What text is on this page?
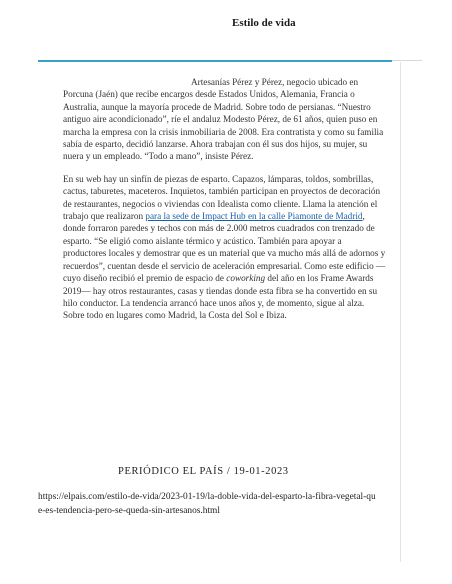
Estilo de vida

Artesanías Pérez y Pérez, negocio ubicado en Porcuna (Jaén) que recibe encargos desde Estados Unidos, Alemania, Francia o Australia, aunque la mayoría procede de Madrid. Sobre todo de persianas. “Nuestro antiguo aire acondicionado”, ríe el andaluz Modesto Pérez, de 61 años, quien puso en marcha la empresa con la crisis inmobiliaria de 2008. Era contratista y como su familia sabía de esparto, decidió lanzarse. Ahora trabajan con él sus dos hijos, su mujer, su nuera y un empleado. “Todo a mano”, insiste Pérez.

En su web hay un sinfín de piezas de esparto. Capazos, lámparas, toldos, sombrillas, cactus, taburetes, maceteros. Inquietos, también participan en proyectos de decoración de restaurantes, negocios o viviendas con Idealista como cliente. Llama la atención el trabajo que realizaron para la sede de Impact Hub en la calle Piamonte de Madrid, donde forraron paredes y techos con más de 2.000 metros cuadrados con trenzado de esparto. “Se eligió como aislante térmico y acústico. También para apoyar a productores locales y demostrar que es un material que va mucho más allá de adornos y recuerdos”, cuentan desde el servicio de aceleración empresarial. Como este edificio —cuyo diseño recibió el premio de espacio de coworking del año en los Frame Awards 2019— hay otros restaurantes, casas y tiendas donde esta fibra se ha convertido en su hilo conductor. La tendencia arrancó hace unos años y, de momento, sigue al alza. Sobre todo en lugares como Madrid, la Costa del Sol e Ibiza.

PERIÓDICO EL PAÍS / 19-01-2023
https://elpais.com/estilo-de-vida/2023-01-19/la-doble-vida-del-esparto-la-fibra-vegetal-que-es-tendencia-pero-se-queda-sin-artesanos.html
